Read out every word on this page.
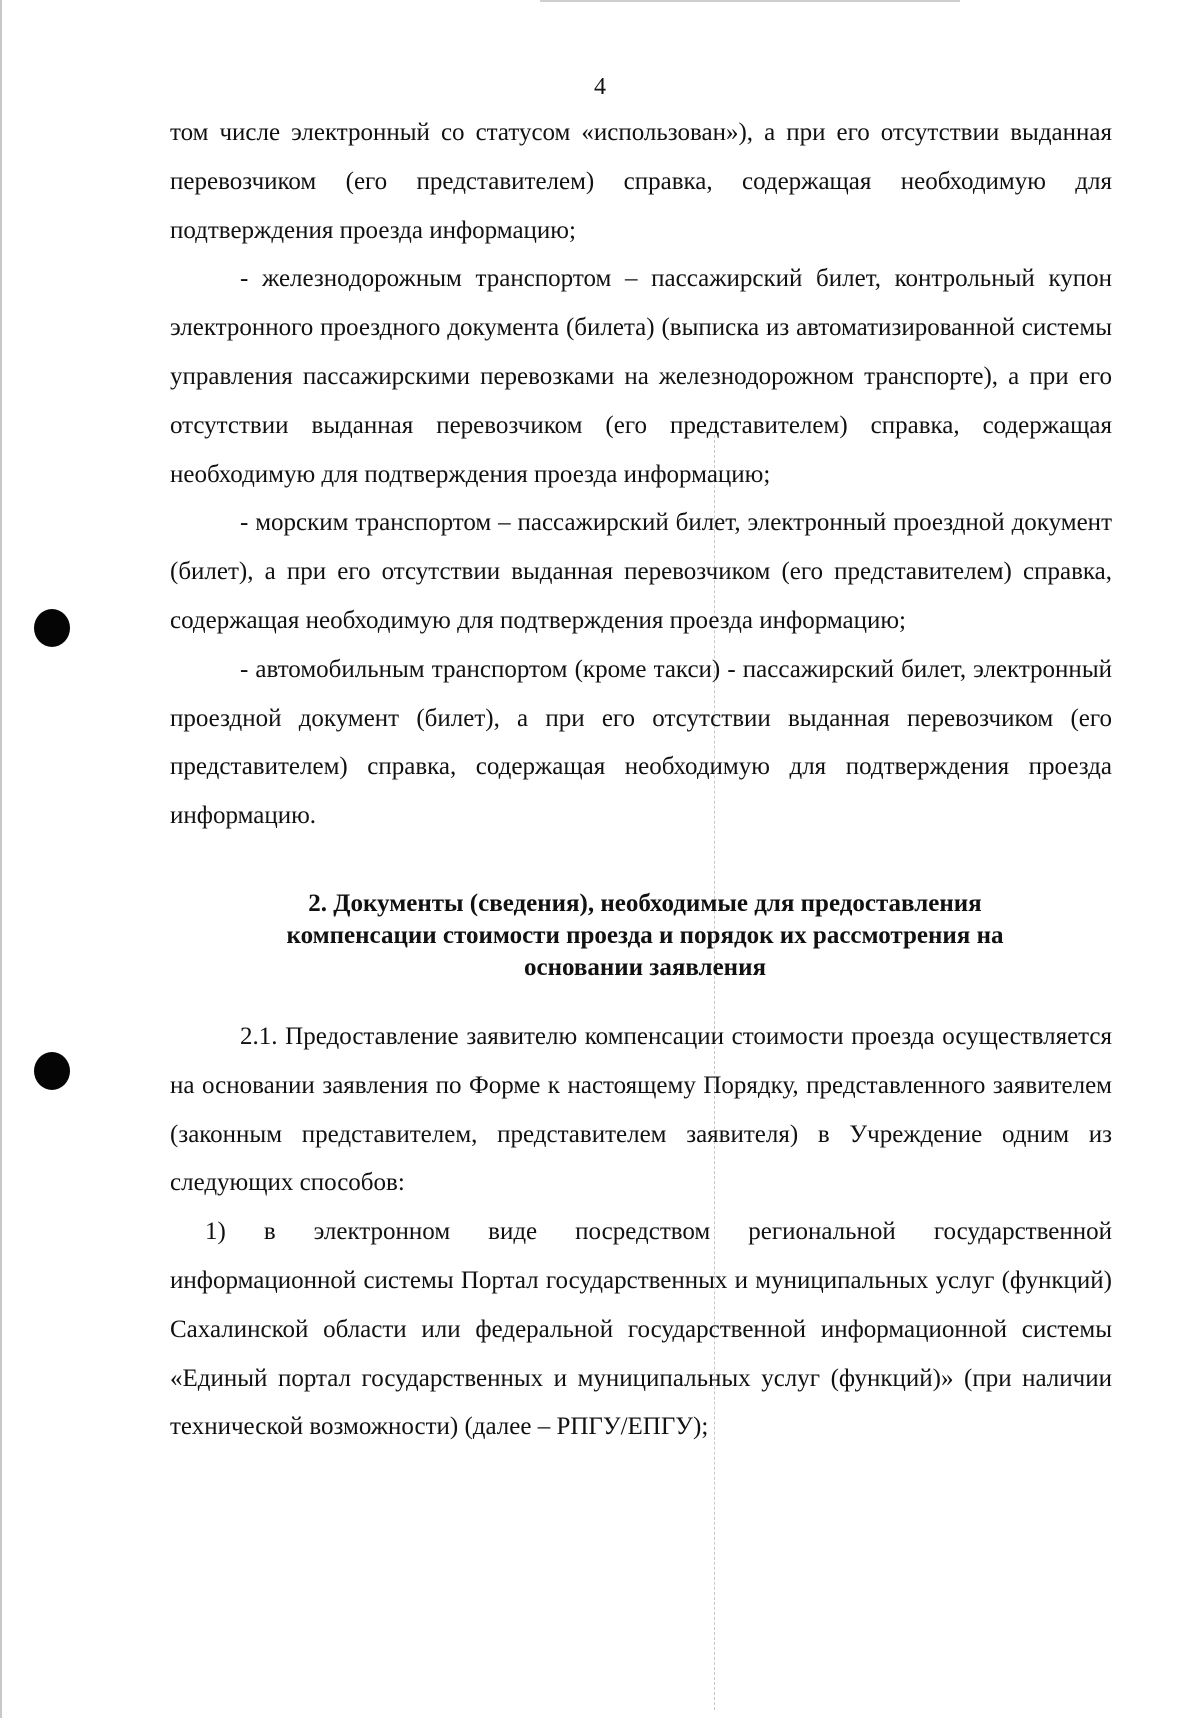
4

том числе электронный со статусом «использован»), а при его отсутствии выданная перевозчиком (его представителем) справка, содержащая необходимую для подтверждения проезда информацию;

- железнодорожным транспортом – пассажирский билет, контрольный купон электронного проездного документа (билета) (выписка из автоматизированной системы управления пассажирскими перевозками на железнодорожном транспорте), а при его отсутствии выданная перевозчиком (его представителем) справка, содержащая необходимую для подтверждения проезда информацию;

- морским транспортом – пассажирский билет, электронный проездной документ (билет), а при его отсутствии выданная перевозчиком (его представителем) справка, содержащая необходимую для подтверждения проезда информацию;

- автомобильным транспортом (кроме такси) - пассажирский билет, электронный проездной документ (билет), а при его отсутствии выданная перевозчиком (его представителем) справка, содержащая необходимую для подтверждения проезда информацию.

2. Документы (сведения), необходимые для предоставления
компенсации стоимости проезда и порядок их рассмотрения на
основании заявления

2.1. Предоставление заявителю компенсации стоимости проезда осуществляется на основании заявления по Форме к настоящему Порядку, представленного заявителем (законным представителем, представителем заявителя) в Учреждение одним из следующих способов:

1) в электронном виде посредством региональной государственной информационной системы Портал государственных и муниципальных услуг (функций) Сахалинской области или федеральной государственной информационной системы «Единый портал государственных и муниципальных услуг (функций)» (при наличии технической возможности) (далее – РПГУ/ЕПГУ);
